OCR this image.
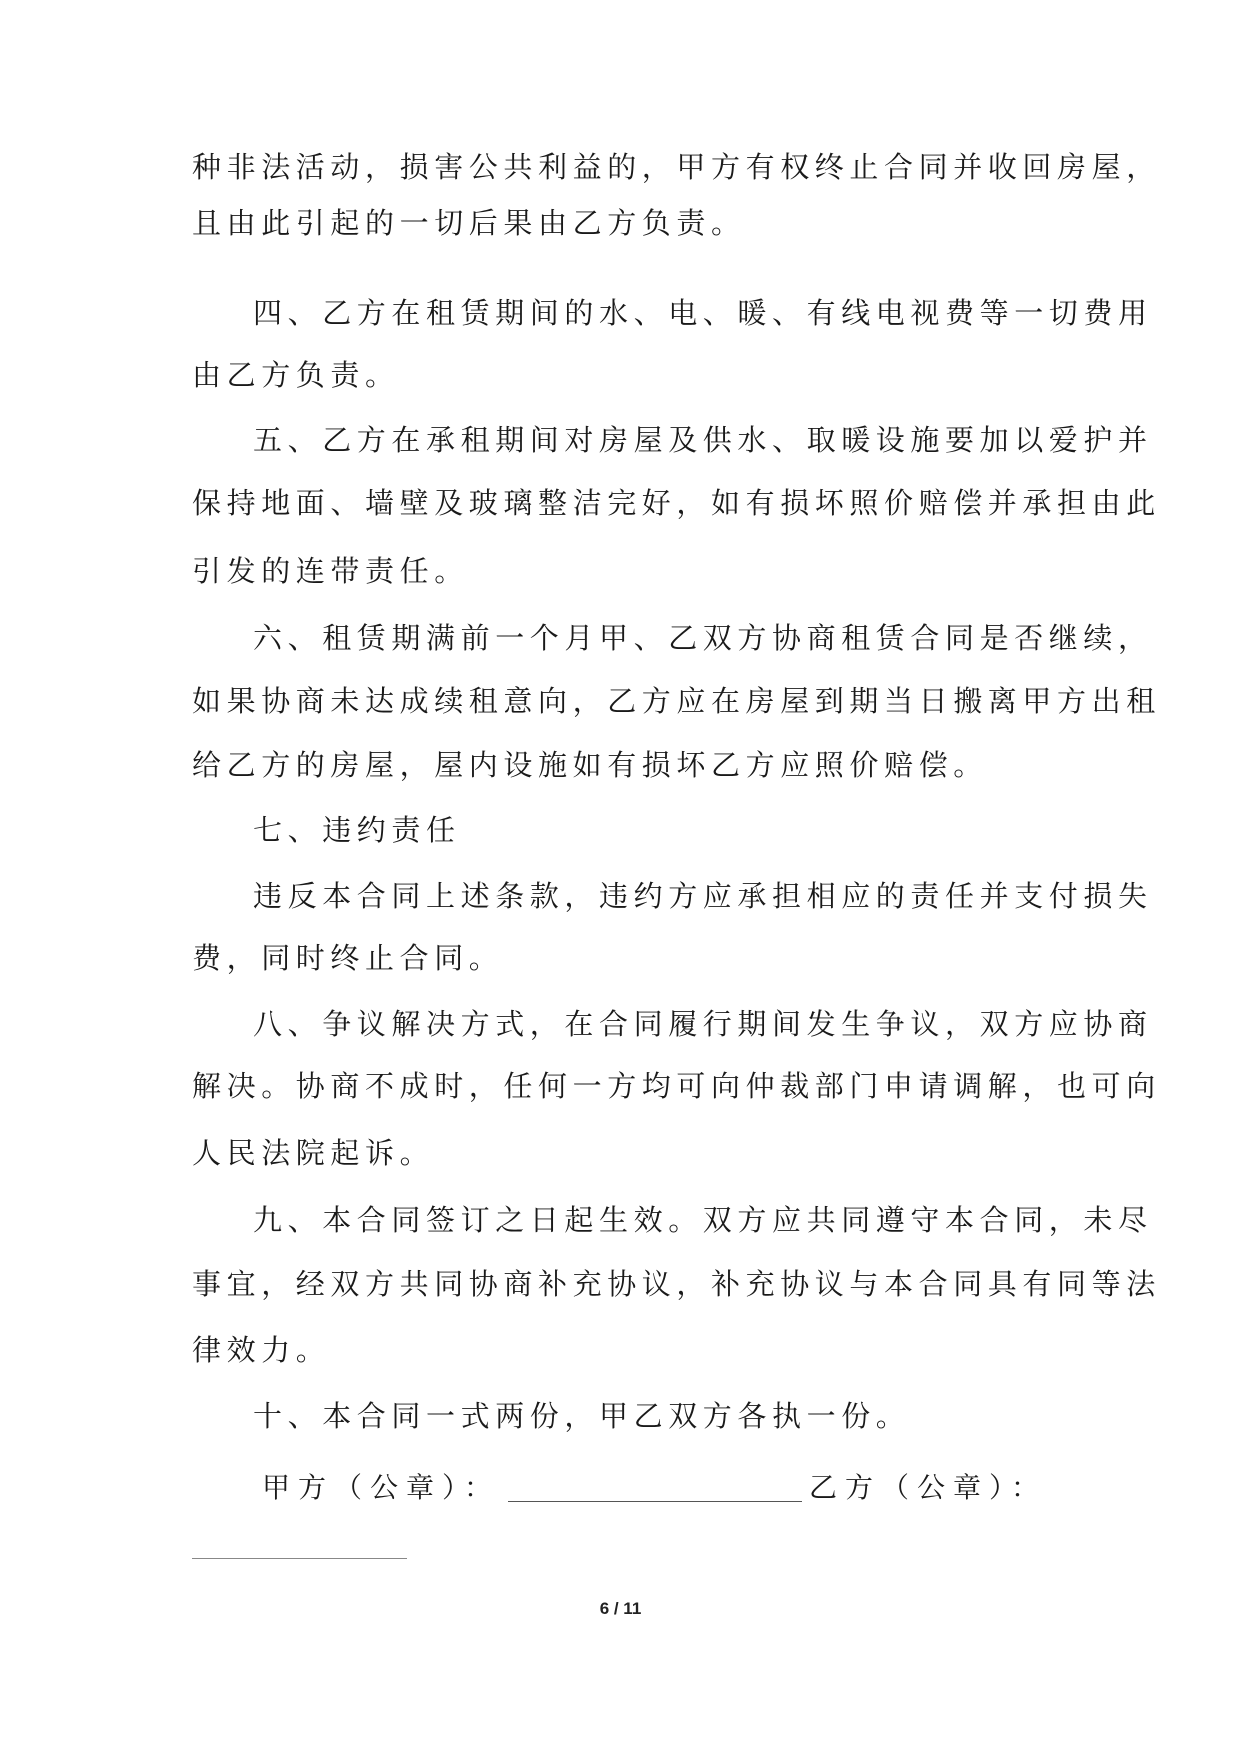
种非法活动，损害公共利益的，甲方有权终止合同并收回房屋，
且由此引起的一切后果由乙方负责。
四、乙方在租赁期间的水、电、暖、有线电视费等一切费用
由乙方负责。
五、乙方在承租期间对房屋及供水、取暖设施要加以爱护并
保持地面、墙壁及玻璃整洁完好，如有损坏照价赔偿并承担由此
引发的连带责任。
六、租赁期满前一个月甲、乙双方协商租赁合同是否继续，
如果协商未达成续租意向，乙方应在房屋到期当日搬离甲方出租
给乙方的房屋，屋内设施如有损坏乙方应照价赔偿。
七、违约责任
违反本合同上述条款，违约方应承担相应的责任并支付损失
费，同时终止合同。
八、争议解决方式，在合同履行期间发生争议，双方应协商
解决。协商不成时，任何一方均可向仲裁部门申请调解，也可向
人民法院起诉。
九、本合同签订之日起生效。双方应共同遵守本合同，未尽
事宜，经双方共同协商补充协议，补充协议与本合同具有同等法
律效力。
十、本合同一式两份，甲乙双方各执一份。
甲方（公章）：	乙方（公章）：
6 / 11
